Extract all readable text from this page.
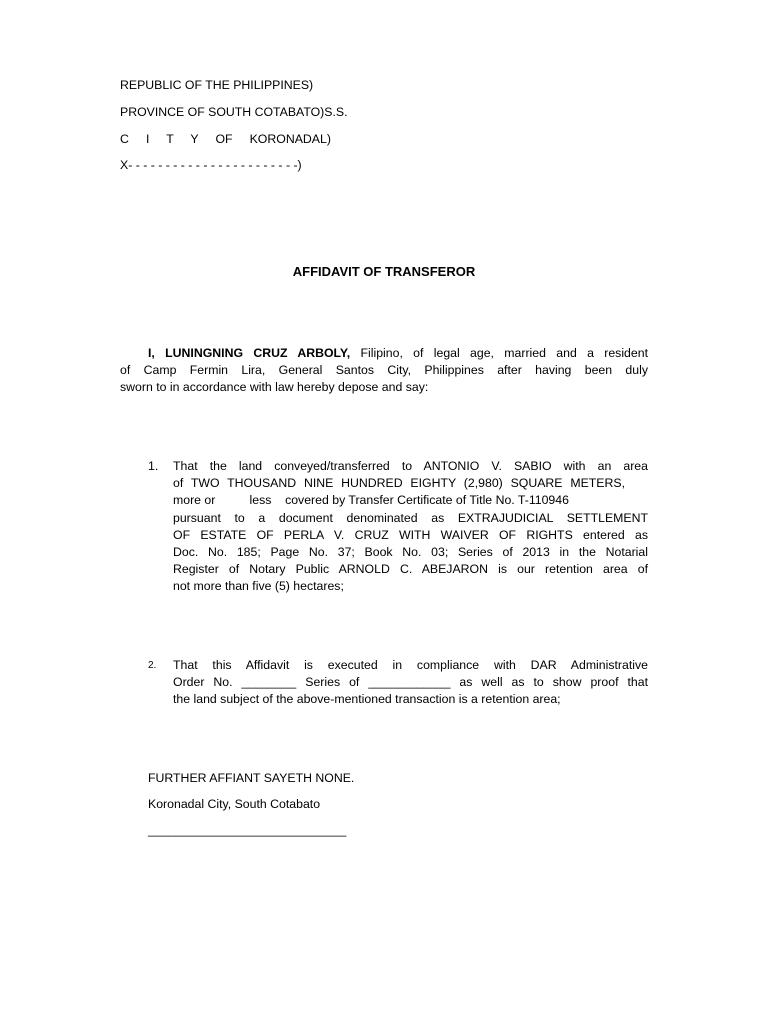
REPUBLIC OF THE PHILIPPINES)
PROVINCE OF SOUTH COTABATO)S.S.
C     I     T     Y     OF     KORONADAL)
X- - - - - - - - - - - - - - - - - - - - - - -)
AFFIDAVIT OF TRANSFEROR
I, LUNINGNING CRUZ ARBOLY, Filipino, of legal age, married and a resident
of Camp Fermin Lira, General Santos City, Philippines after having been duly
sworn to in accordance with law hereby depose and say:
1. That the land conveyed/transferred to ANTONIO V. SABIO with an area
of TWO THOUSAND NINE HUNDRED EIGHTY (2,980) SQUARE METERS,
more or          less    covered by Transfer Certificate of Title No. T-110946
pursuant to a document denominated as EXTRAJUDICIAL SETTLEMENT
OF ESTATE OF PERLA V. CRUZ WITH WAIVER OF RIGHTS entered as
Doc. No. 185; Page No. 37; Book No. 03; Series of 2013 in the Notarial
Register of Notary Public ARNOLD C. ABEJARON is our retention area of
not more than five (5) hectares;
2. That this Affidavit is executed in compliance with DAR Administrative
Order No. ________ Series of ____________ as well as to show proof that
the land subject of the above-mentioned transaction is a retention area;
FURTHER AFFIANT SAYETH NONE.
Koronadal City, South Cotabato
_____________________________
